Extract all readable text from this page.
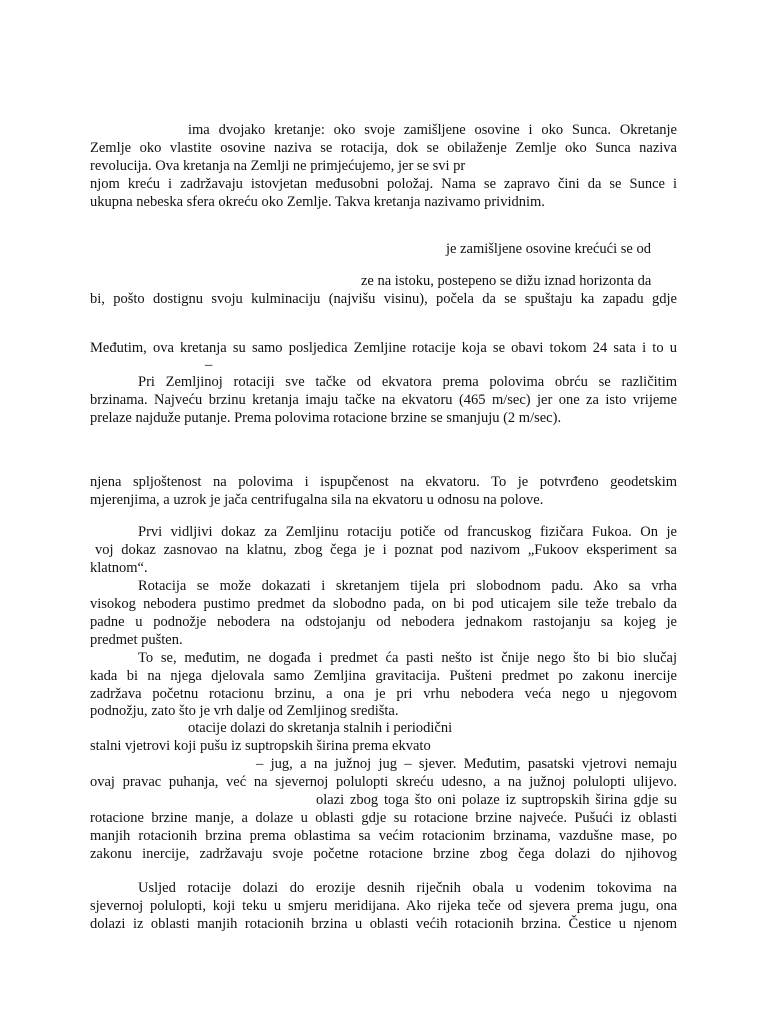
ima dvojako kretanje: oko svoje zamišljene osovine i oko Sunca. Okretanje
Zemlje oko vlastite osovine naziva se rotacija, dok se obilaženje Zemlje oko Sunca naziva
revolucija. Ova kretanja na Zemlji ne primjećujemo, jer se svi pr
njom kreću i zadržavaju istovjetan međusobni položaj. Nama se zapravo čini da se Sunce i
ukupna nebeska sfera okreću oko Zemlje. Takva kretanja nazivamo prividnim.
je zamišljene osovine krećući se od
ze na istoku, postepeno se dižu iznad horizonta da
bi, pošto dostignu svoju kulminaciju (najvišu visinu), počela da se spuštaju ka zapadu gdje
Međutim, ova kretanja su samo posljedica Zemljine rotacije koja se obavi tokom 24 sata i to u
–
Pri Zemljinoj rotaciji sve tačke od ekvatora prema polovima obrću se različitim
brzinama. Najveću brzinu kretanja imaju tačke na ekvatoru (465 m/sec) jer one za isto vrijeme
prelaze najduže putanje. Prema polovima rotacione brzine se smanjuju (2 m/sec).
njena spljoštenost na polovima i ispupčenost na ekvatoru. To je potvrđeno geodetskim
mjerenjima, a uzrok je jača centrifugalna sila na ekvatoru u odnosu na polove.
Prvi vidljivi dokaz za Zemljinu rotaciju potiče od francuskog fizičara Fukoa. On je
voj dokaz zasnovao na klatnu, zbog čega je i poznat pod nazivom „Fukoov eksperiment sa
klatnom“.
Rotacija se može dokazati i skretanjem tijela pri slobodnom padu. Ako sa vrha
visokog nebodera pustimo predmet da slobodno pada, on bi pod uticajem sile teže trebalo da
padne u podnožje nebodera na odstojanju od nebodera jednakom rastojanju sa kojeg je
predmet pušten.
To se, međutim, ne događa i predmet ća pasti nešto ist čnije nego što bi bio slučaj
kada bi na njega djelovala samo Zemljina gravitacija. Pušteni predmet po zakonu inercije
zadržava početnu rotacionu brzinu, a ona je pri vrhu nebodera veća nego u njegovom
podnožju, zato što je vrh dalje od Zemljinog središta.
otacije dolazi do skretanja stalnih i periodični
stalni vjetrovi koji pušu iz suptropskih širina prema ekvato
– jug, a na južnoj jug – sjever. Međutim, pasatski vjetrovi nemaju
ovaj pravac puhanja, već na sjevernoj polulopti skreću udesno, a na južnoj polulopti ulijevo.
olazi zbog toga što oni polaze iz suptropskih širina gdje su
rotacione brzine manje, a dolaze u oblasti gdje su rotacione brzine najveće. Pušući iz oblasti
manjih rotacionih brzina prema oblastima sa većim rotacionim brzinama, vazdušne mase, po
zakonu inercije, zadržavaju svoje početne rotacione brzine zbog čega dolazi do njihovog
Usljed rotacije dolazi do erozije desnih riječnih obala u vodenim tokovima na
sjevernoj polulopti, koji teku u smjeru meridijana. Ako rijeka teče od sjevera prema jugu, ona
dolazi iz oblasti manjih rotacionih brzina u oblasti većih rotacionih brzina. Čestice u njenom
